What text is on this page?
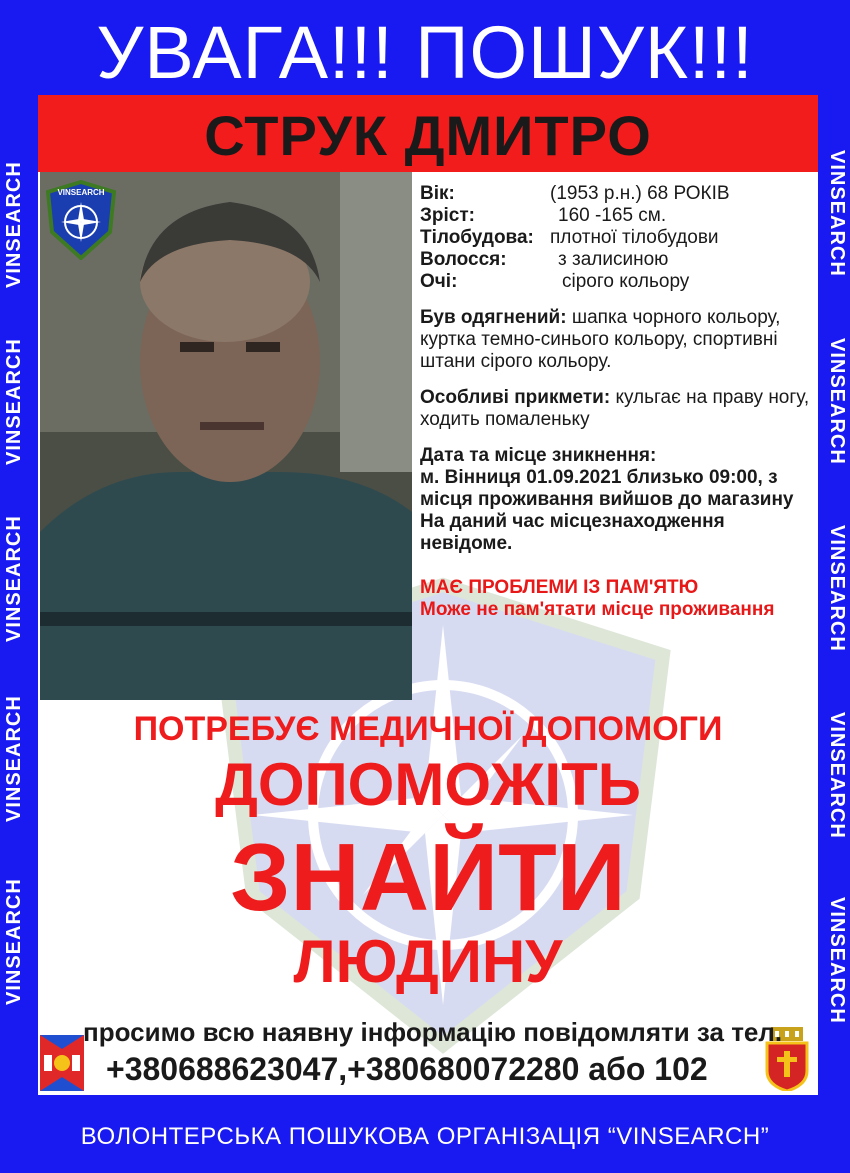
УВАГА!!! ПОШУК!!!
VINSEARCH
VINSEARCH
VINSEARCH
VINSEARCH
VINSEARCH
VINSEARCH
VINSEARCH
VINSEARCH
VINSEARCH
VINSEARCH
СТРУК ДМИТРО
VINSEARCH	Вік:	(1953 р.н.) 68 РОКІВ
Зріст:	160 -165 см.
Тілобудова: плотної тілобудови
Волосся:	з залисиною
Очі:	сірого кольору
Був одягнений: шапка чорного кольору, куртка темно-синього кольору, спортивні штани сірого кольору.
Особливі прикмети: кульгає на праву ногу, ходить помаленьку
Дата та місце зникнення:
м. Вінниця 01.09.2021 близько 09:00, з місця проживання вийшов до магазину На даний час місцезнаходження невідоме.
МАЄ ПРОБЛЕМИ ІЗ ПАМ'ЯТЮ
Може не пам'ятати місце проживання
ПОТРЕБУЄ МЕДИЧНОЇ ДОПОМОГИ
ДОПОМОЖІТЬ
ЗНАЙТИ
ЛЮДИНУ
просимо всю наявну інформацію повідомляти за тел.
+380688623047,+380680072280 або 102
ВОЛОНТЕРСЬКА ПОШУКОВА ОРГАНІЗАЦІЯ “VINSEARCH”
